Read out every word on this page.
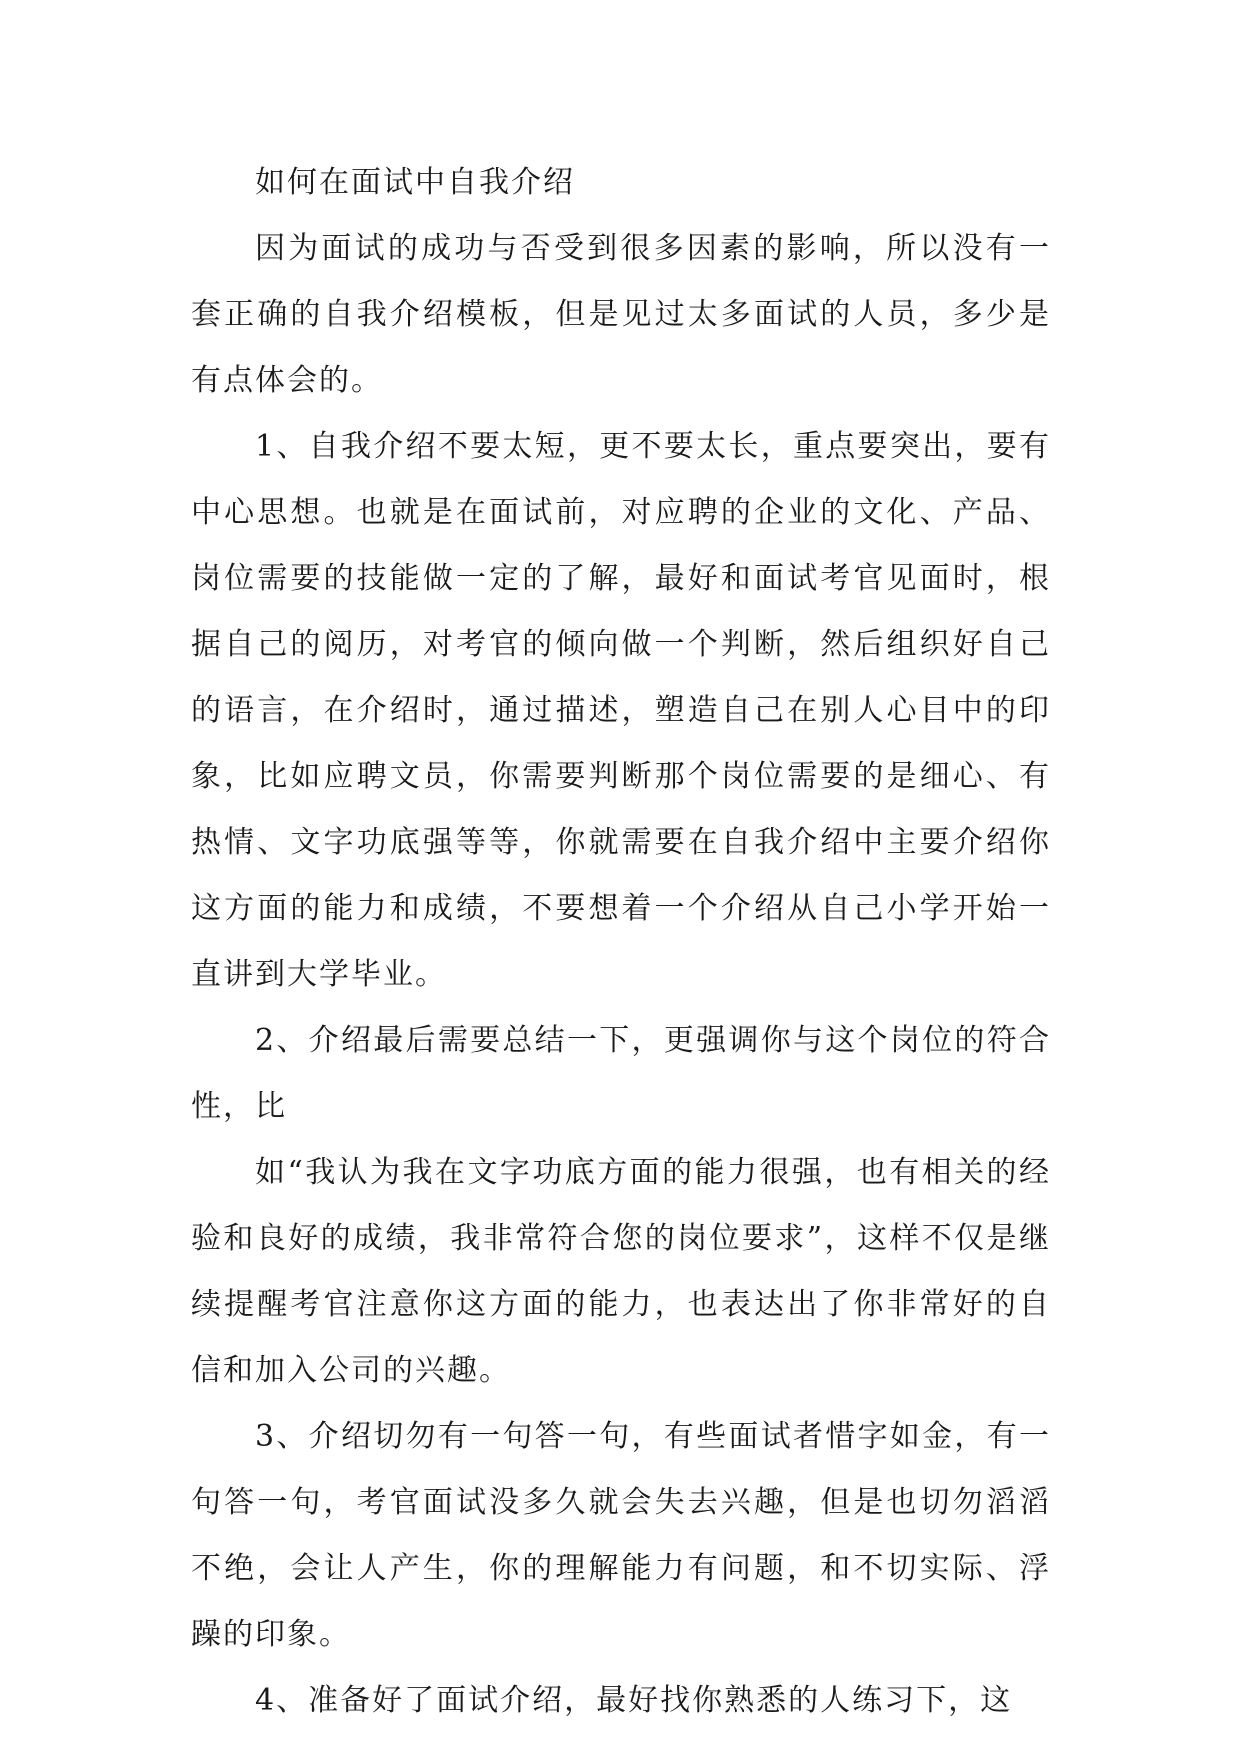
如何在面试中自我介绍

因为面试的成功与否受到很多因素的影响，所以没有一套正确的自我介绍模板，但是见过太多面试的人员，多少是有点体会的。

1、自我介绍不要太短，更不要太长，重点要突出，要有中心思想。也就是在面试前，对应聘的企业的文化、产品、岗位需要的技能做一定的了解，最好和面试考官见面时，根据自己的阅历，对考官的倾向做一个判断，然后组织好自己的语言，在介绍时，通过描述，塑造自己在别人心目中的印象，比如应聘文员，你需要判断那个岗位需要的是细心、有热情、文字功底强等等，你就需要在自我介绍中主要介绍你这方面的能力和成绩，不要想着一个介绍从自己小学开始一直讲到大学毕业。

2、介绍最后需要总结一下，更强调你与这个岗位的符合性，比

如“我认为我在文字功底方面的能力很强，也有相关的经验和良好的成绩，我非常符合您的岗位要求”，这样不仅是继续提醒考官注意你这方面的能力，也表达出了你非常好的自信和加入公司的兴趣。

3、介绍切勿有一句答一句，有些面试者惜字如金，有一句答一句，考官面试没多久就会失去兴趣，但是也切勿滔滔不绝，会让人产生，你的理解能力有问题，和不切实际、浮躁的印象。

4、准备好了面试介绍，最好找你熟悉的人练习下，这
